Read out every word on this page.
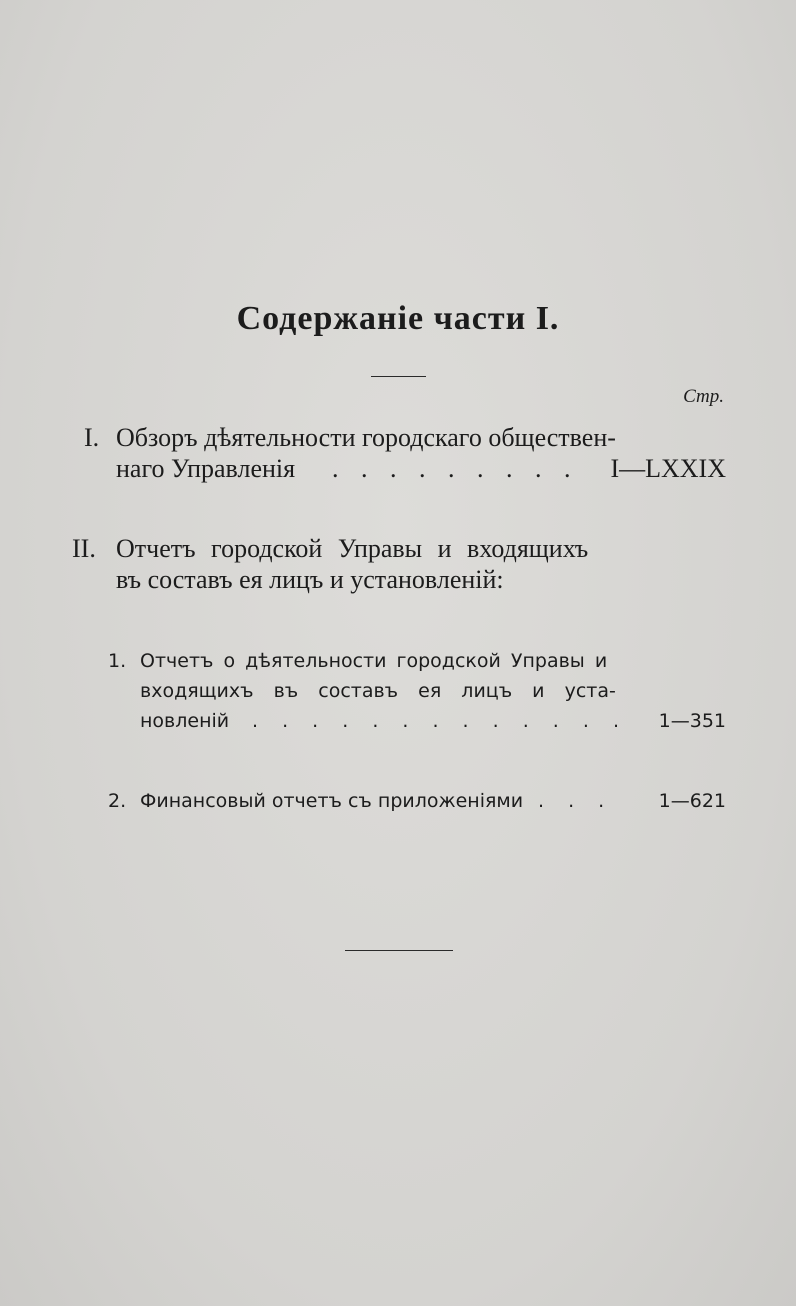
Содержаніе части I.
Стр.
I. Обзоръ дѣятельности городскаго обществен-
наго Управленія . . . . . . . . . I—LXXIX
II. Отчетъ городской Управы и входящихъ
въ составъ ея лицъ и установленій:
1. Отчетъ о дѣятельности городской Управы и
входящихъ въ составъ ея лицъ и уста-
новленій . . . . . . . . . . . . . 1—351
2. Финансовый отчетъ съ приложеніями . . . 1—621
